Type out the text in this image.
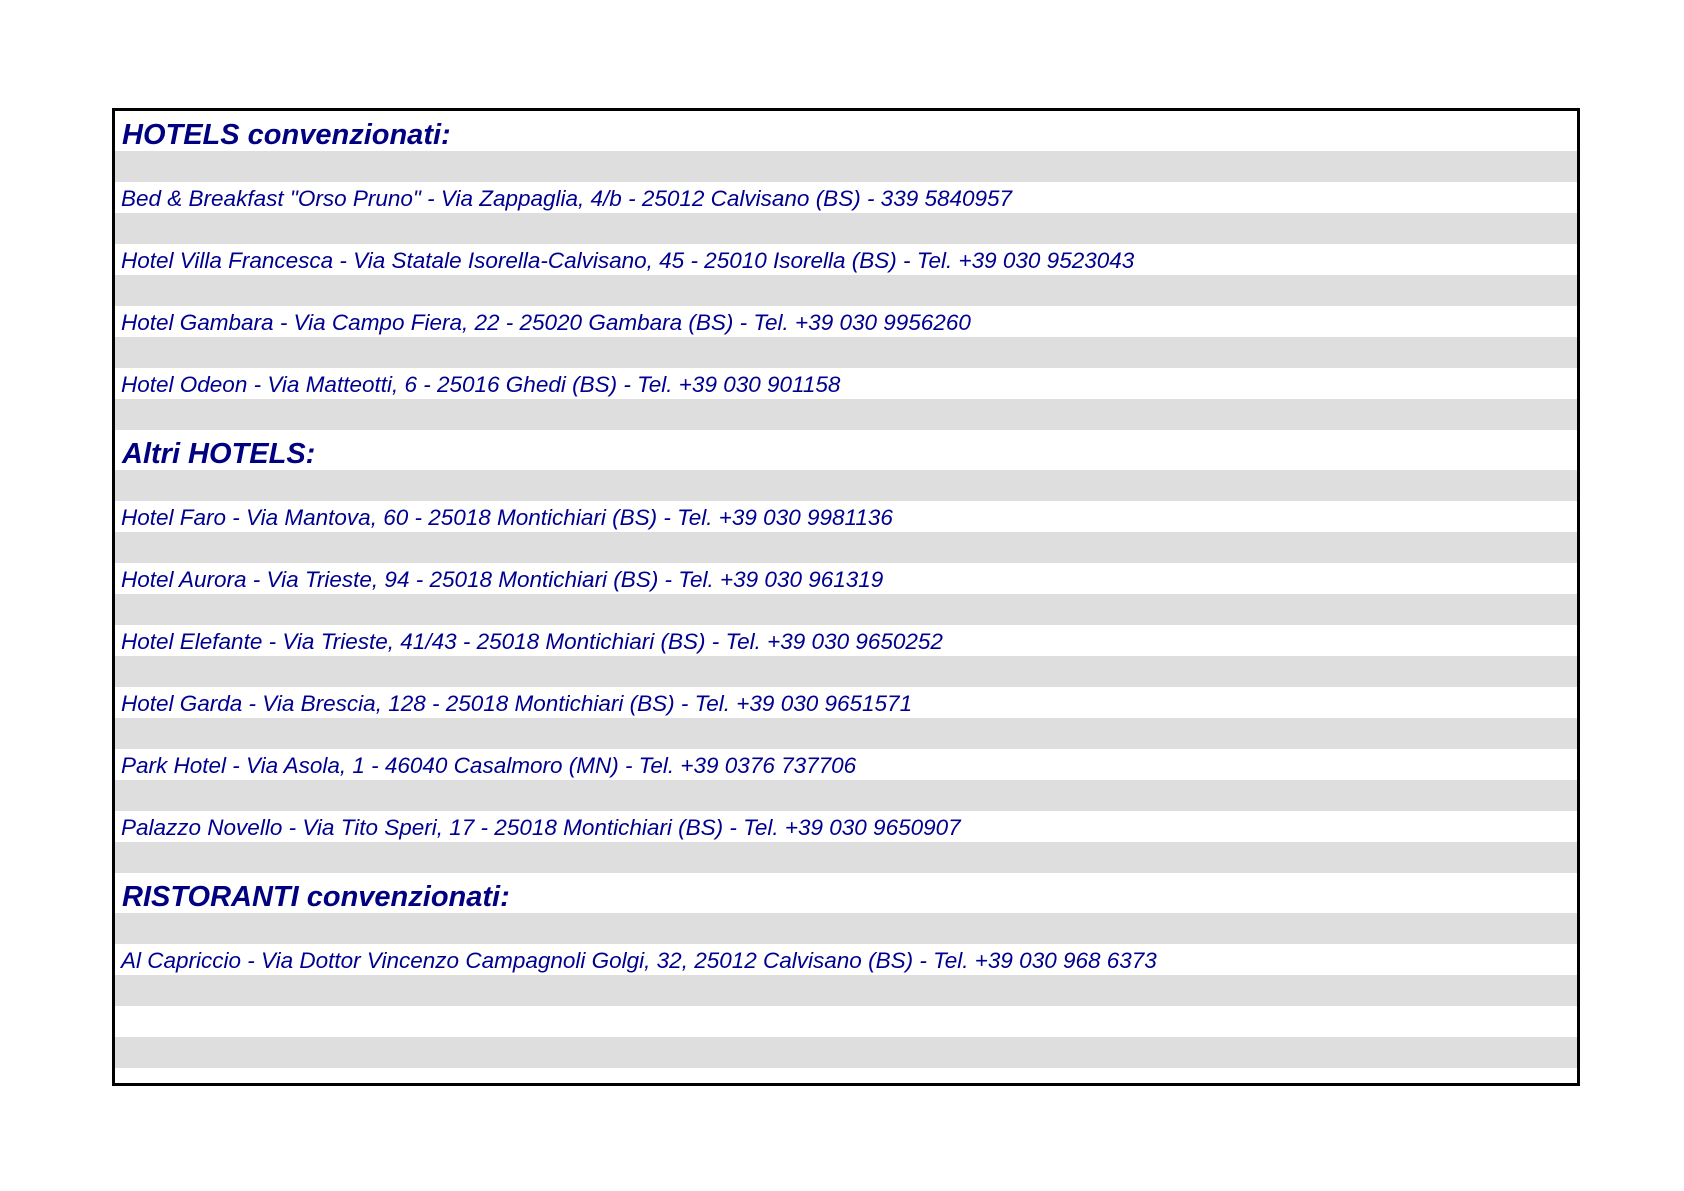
HOTELS convenzionati:
Bed & Breakfast "Orso Pruno" - Via Zappaglia, 4/b - 25012 Calvisano (BS) - 339 5840957
Hotel Villa Francesca - Via Statale Isorella-Calvisano, 45 - 25010 Isorella (BS) - Tel. +39 030 9523043
Hotel Gambara - Via Campo Fiera, 22 - 25020 Gambara (BS) - Tel. +39 030 9956260
Hotel Odeon - Via Matteotti, 6 - 25016 Ghedi (BS) - Tel. +39 030 901158
Altri HOTELS:
Hotel Faro - Via Mantova, 60 - 25018 Montichiari (BS) - Tel. +39 030 9981136
Hotel Aurora - Via Trieste, 94 - 25018 Montichiari (BS) - Tel. +39 030 961319
Hotel Elefante - Via Trieste, 41/43 - 25018 Montichiari (BS) - Tel. +39 030 9650252
Hotel Garda - Via Brescia, 128 - 25018 Montichiari (BS) - Tel. +39 030 9651571
Park Hotel - Via Asola, 1 - 46040 Casalmoro (MN) - Tel. +39 0376 737706
Palazzo Novello - Via Tito Speri, 17 - 25018 Montichiari (BS) - Tel. +39 030 9650907
RISTORANTI convenzionati:
Al Capriccio - Via Dottor Vincenzo Campagnoli Golgi, 32, 25012 Calvisano (BS) - Tel. +39 030 968 6373
